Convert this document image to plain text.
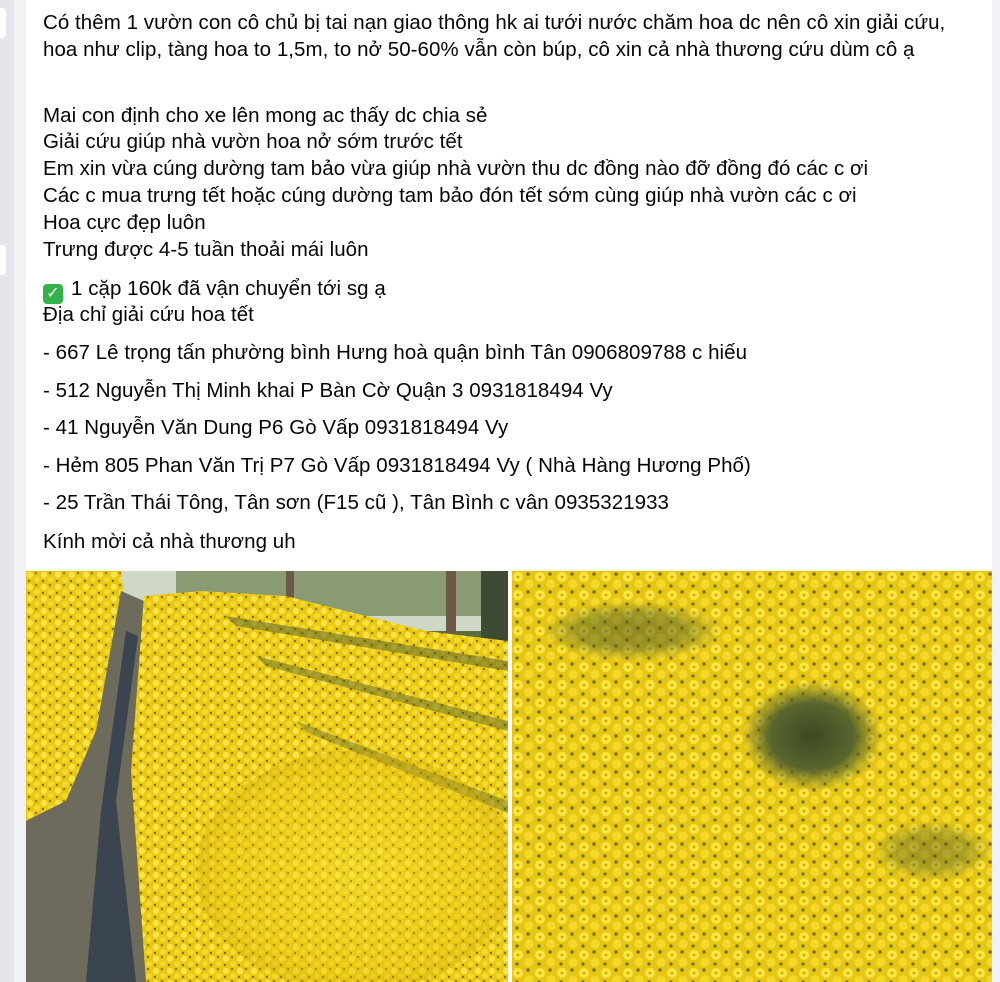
Có thêm 1 vườn con cô chủ bị tai nạn giao thông hk ai tưới nước chăm hoa dc nên cô xin giải cứu, hoa như clip, tàng hoa to 1,5m, to nở 50-60% vẫn còn búp, cô xin cả nhà thương cứu dùm cô ạ
Mai con định cho xe lên mong ac thấy dc chia sẻ
Giải cứu giúp nhà vườn hoa nở sớm trước tết
Em xin vừa cúng dường tam bảo vừa giúp nhà vườn thu dc đồng nào đỡ đồng đó các c ơi
Các c mua trưng tết hoặc cúng dường tam bảo đón tết sớm cùng giúp nhà vườn các c ơi
Hoa cực đẹp luôn
Trưng được 4-5 tuần thoải mái luôn
✓ 1 cặp 160k đã vận chuyển tới sg ạ
Địa chỉ giải cứu hoa tết
- 667 Lê trọng tấn phường bình Hưng hoà quận bình Tân 0906809788 c hiếu
- 512 Nguyễn Thị Minh khai P Bàn Cờ Quận 3 0931818494 Vy
- 41 Nguyễn Văn Dung P6 Gò Vấp 0931818494 Vy
- Hẻm 805 Phan Văn Trị P7 Gò Vấp 0931818494 Vy ( Nhà Hàng Hương Phố)
- 25 Trần Thái Tông, Tân sơn (F15 cũ ), Tân Bình c vân 0935321933
Kính mời cả nhà thương uh
